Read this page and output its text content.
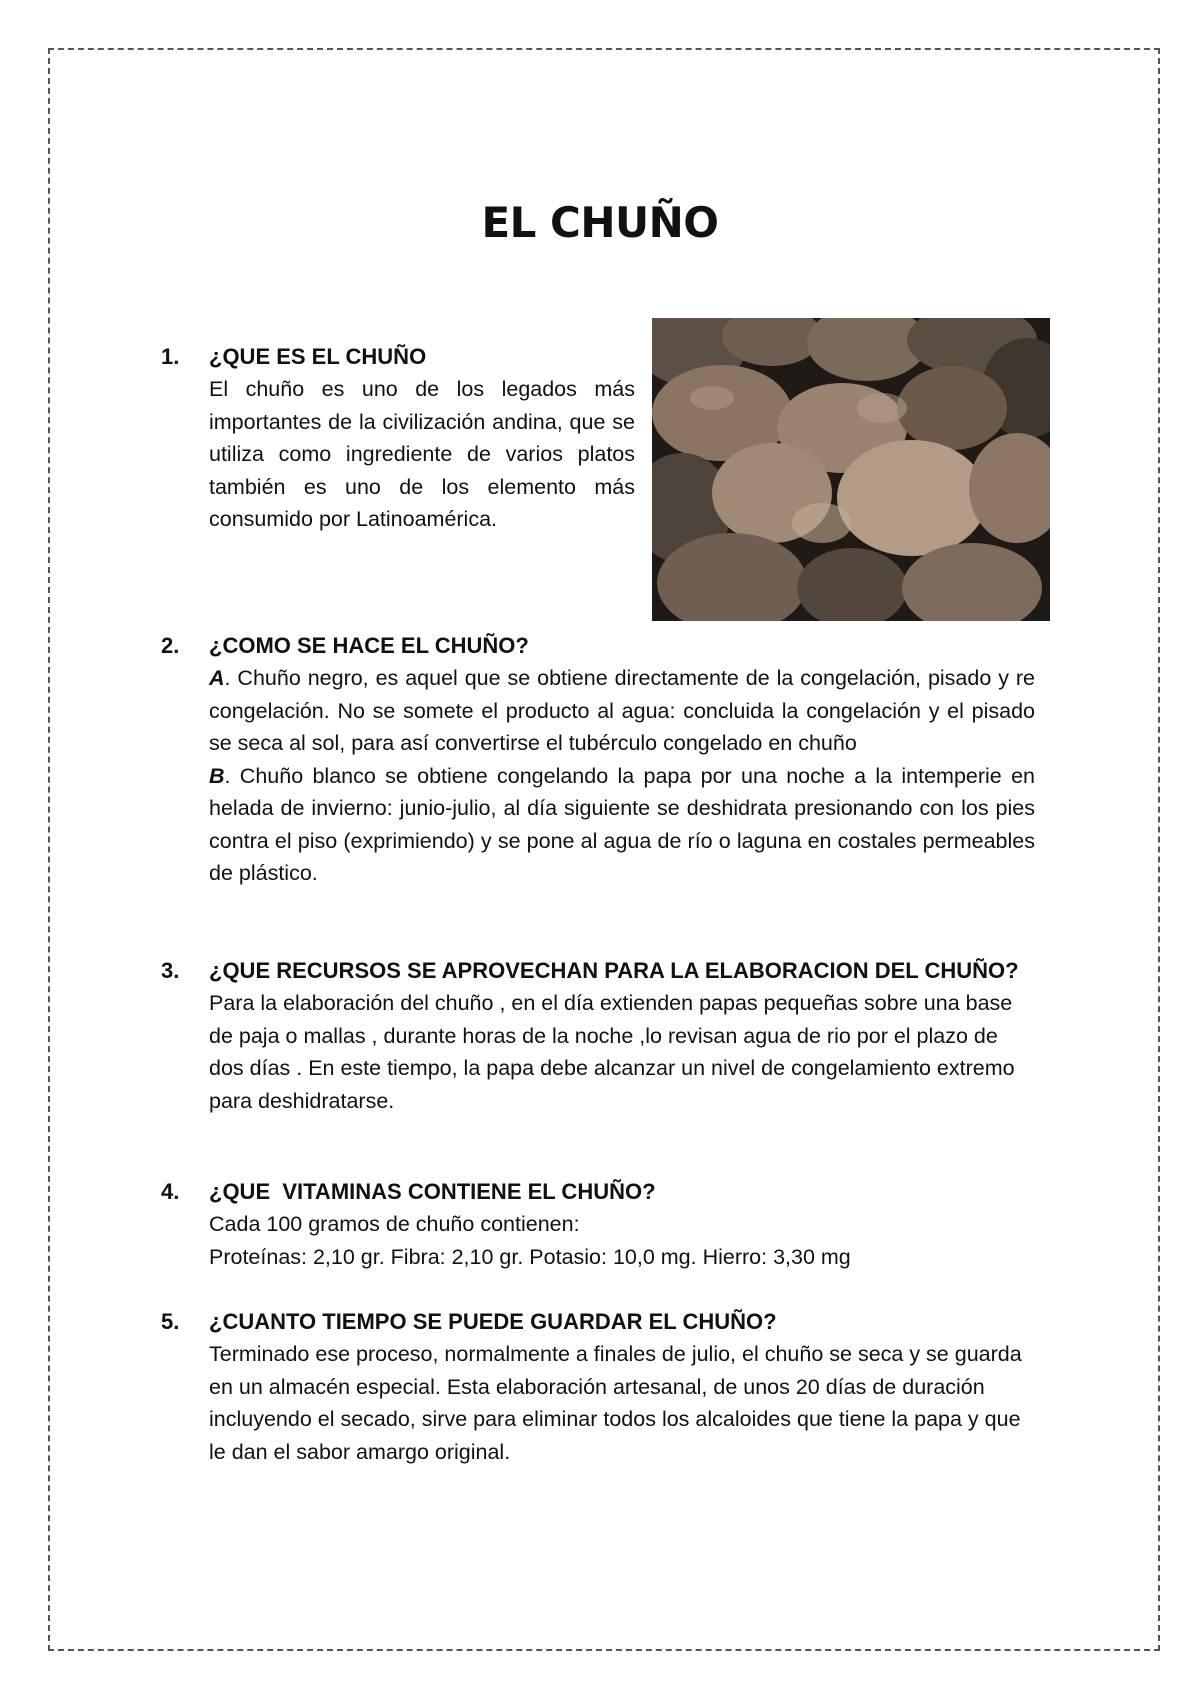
EL CHUÑO
1. ¿QUE ES EL CHUÑO

El chuño es uno de los legados más importantes de la civilización andina, que se utiliza como ingrediente de varios platos también es uno de los elemento más consumido por Latinoamérica.

2. ¿COMO SE HACE EL CHUÑO?

A. Chuño negro, es aquel que se obtiene directamente de la congelación, pisado y re congelación. No se somete el producto al agua: concluida la congelación y el pisado se seca al sol, para así convertirse el tubérculo congelado en chuño

B. Chuño blanco se obtiene congelando la papa por una noche a la intemperie en helada de invierno: junio-julio, al día siguiente se deshidrata presionando con los pies contra el piso (exprimiendo) y se pone al agua de río o laguna en costales permeables de plástico.

3. ¿QUE RECURSOS SE APROVECHAN PARA LA ELABORACION DEL CHUÑO?

Para la elaboración del chuño , en el día extienden papas pequeñas sobre una base de paja o mallas , durante horas de la noche ,lo revisan agua de rio por el plazo de dos días . En este tiempo, la papa debe alcanzar un nivel de congelamiento extremo para deshidratarse.

4. ¿QUE  VITAMINAS CONTIENE EL CHUÑO?

Cada 100 gramos de chuño contienen:

Proteínas: 2,10 gr. Fibra: 2,10 gr. Potasio: 10,0 mg. Hierro: 3,30 mg

5. ¿CUANTO TIEMPO SE PUEDE GUARDAR EL CHUÑO?

Terminado ese proceso, normalmente a finales de julio, el chuño se seca y se guarda en un almacén especial. Esta elaboración artesanal, de unos 20 días de duración incluyendo el secado, sirve para eliminar todos los alcaloides que tiene la papa y que le dan el sabor amargo original.
